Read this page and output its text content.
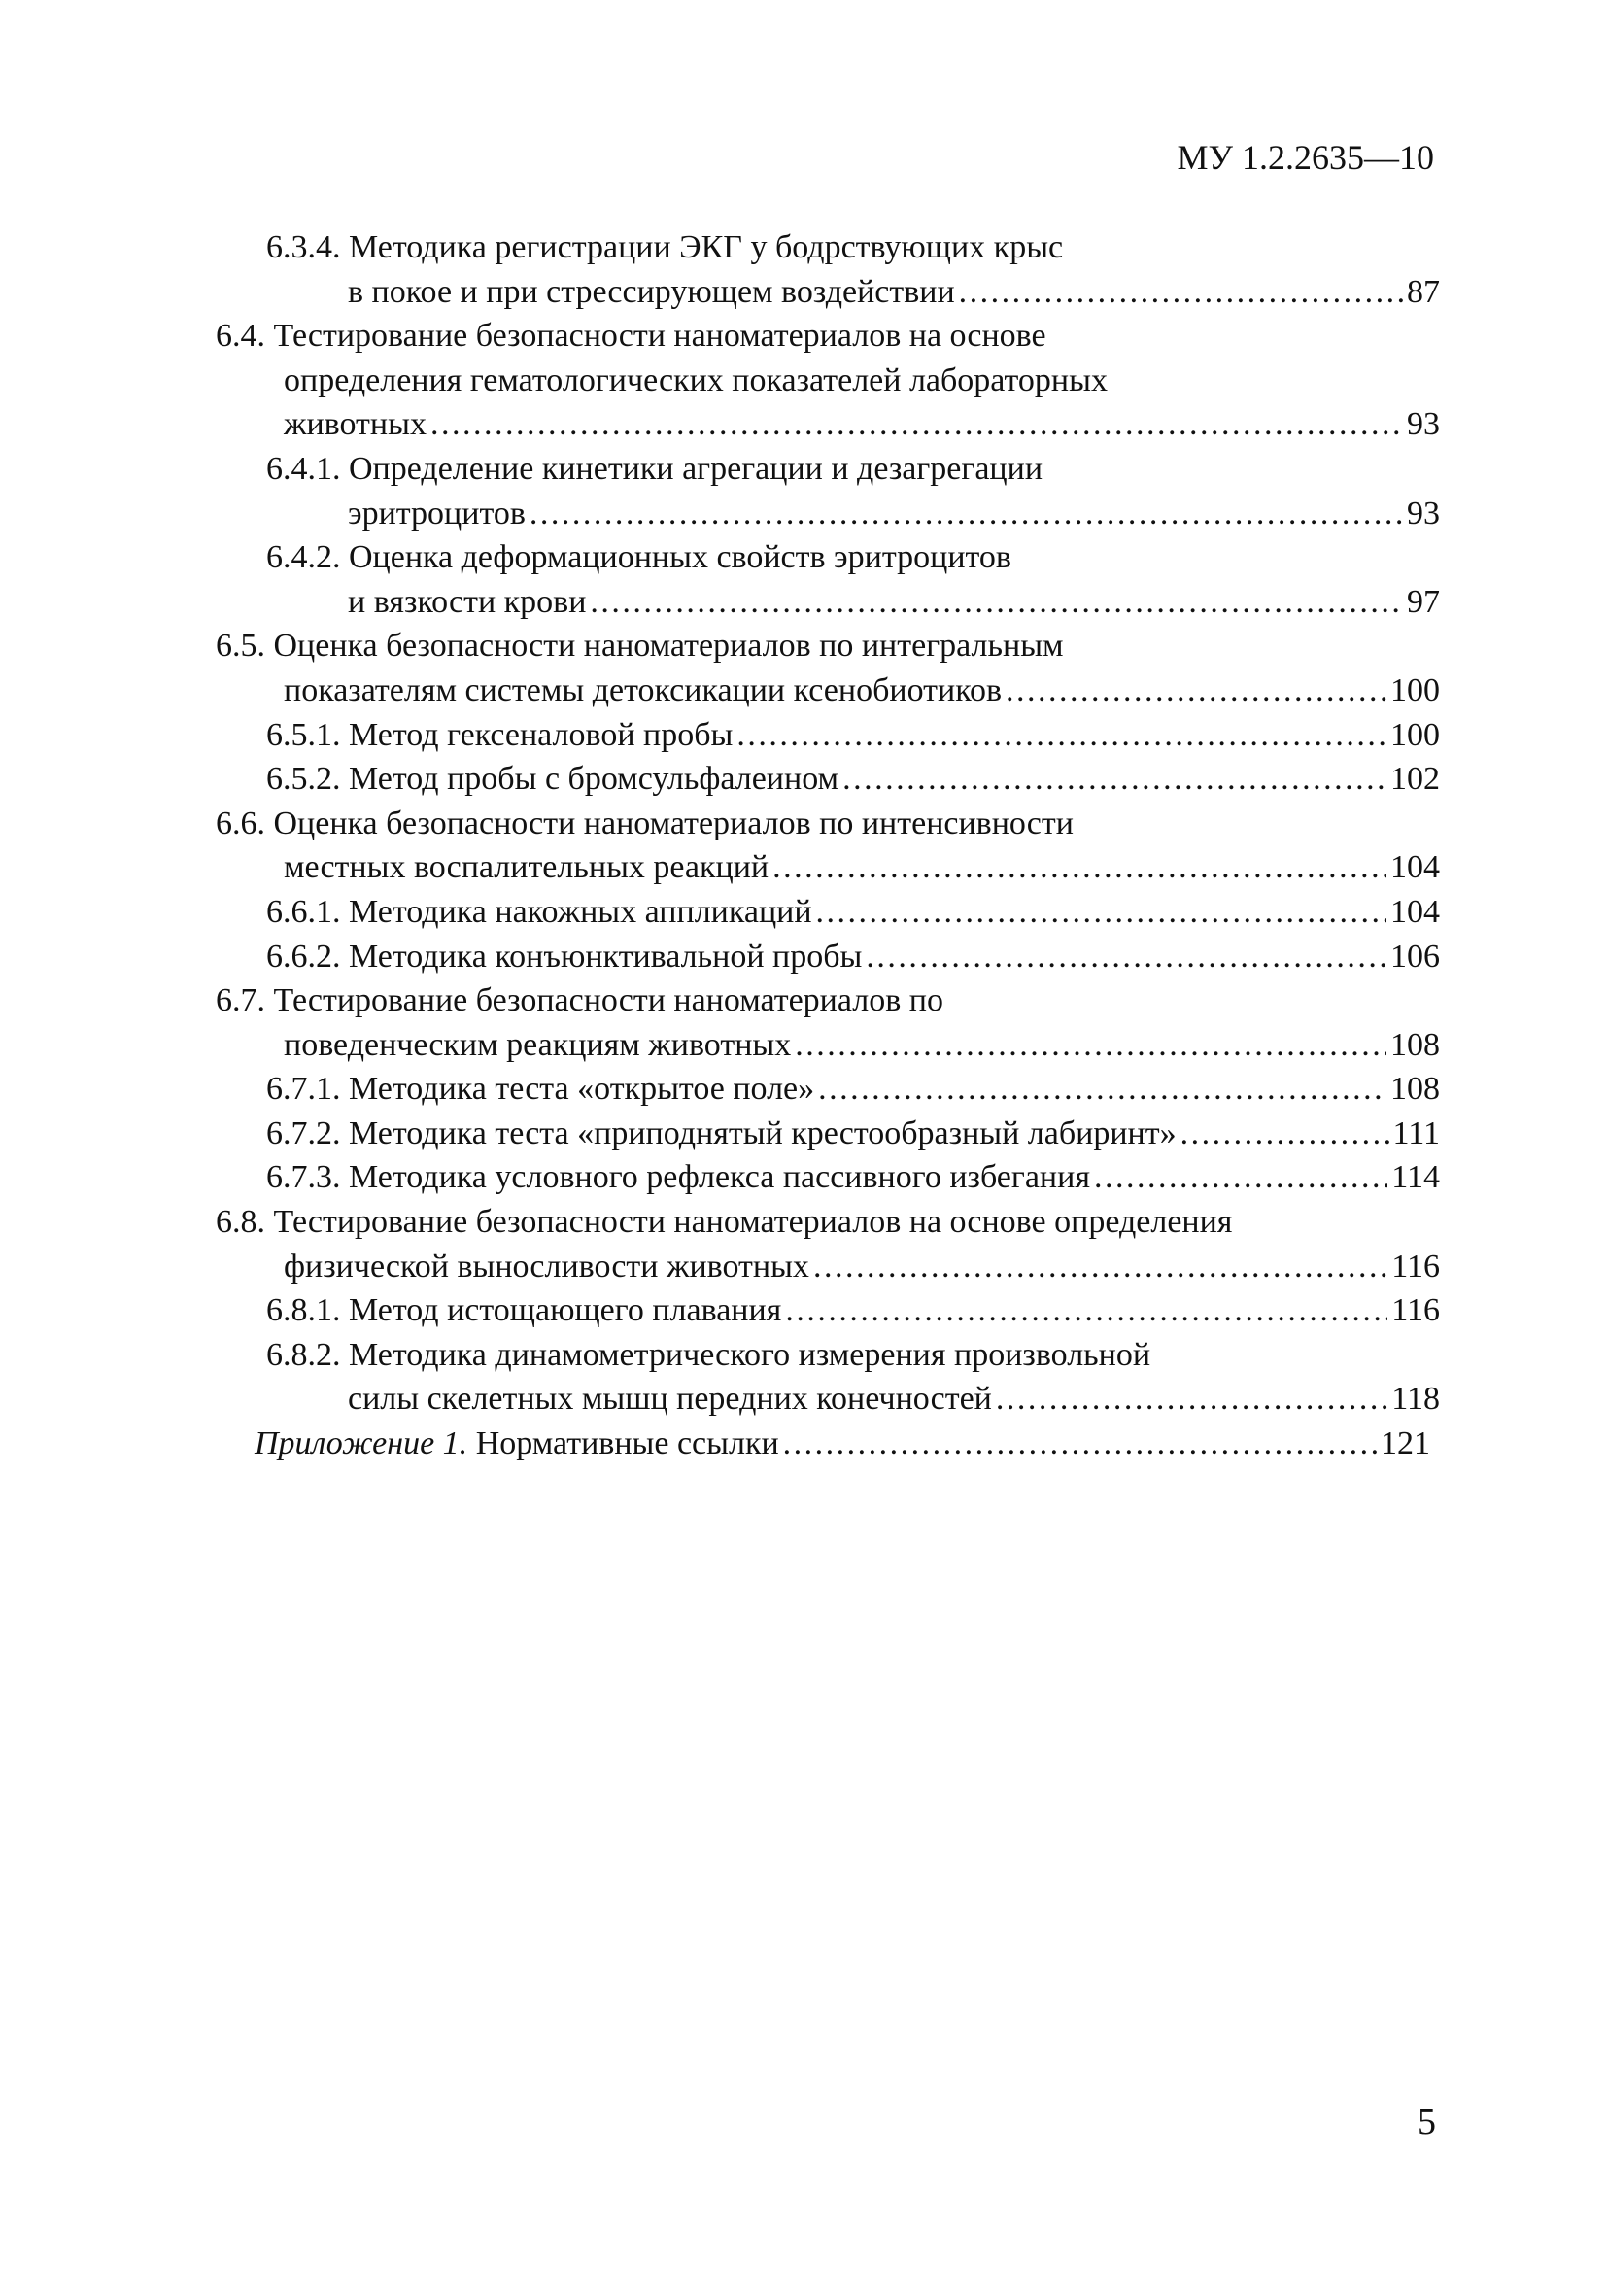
МУ 1.2.2635—10
6.3.4. Методика регистрации ЭКГ у бодрствующих крыс
в покое и при стрессирующем воздействии . . .	87
6.4. Тестирование безопасности наноматериалов на основе
определения гематологических показателей лабораторных
животных . . .	93
6.4.1. Определение кинетики агрегации и дезагрегации
эритроцитов . . .	93
6.4.2. Оценка деформационных свойств эритроцитов
и вязкости крови . . .	97
6.5. Оценка безопасности наноматериалов по интегральным
показателям системы детоксикации ксенобиотиков . . .	100
6.5.1. Метод гексеналовой пробы . . .	100
6.5.2. Метод пробы с бромсульфалеином . . .	102
6.6. Оценка безопасности наноматериалов по интенсивности
местных воспалительных реакций . . .	104
6.6.1. Методика накожных аппликаций . . .	104
6.6.2. Методика конъюнктивальной пробы . . .	106
6.7. Тестирование безопасности наноматериалов по
поведенческим реакциям животных . . .	108
6.7.1. Методика теста «открытое поле» . . .	108
6.7.2. Методика теста «приподнятый крестообразный лабиринт» . . .	111
6.7.3. Методика условного рефлекса пассивного избегания . . .	114
6.8. Тестирование безопасности наноматериалов на основе определения
физической выносливости животных . . .	116
6.8.1. Метод истощающего плавания . . .	116
6.8.2. Методика динамометрического измерения произвольной
силы скелетных мышц передних конечностей . . .	118
Приложение 1. Нормативные ссылки . . .	121
5
